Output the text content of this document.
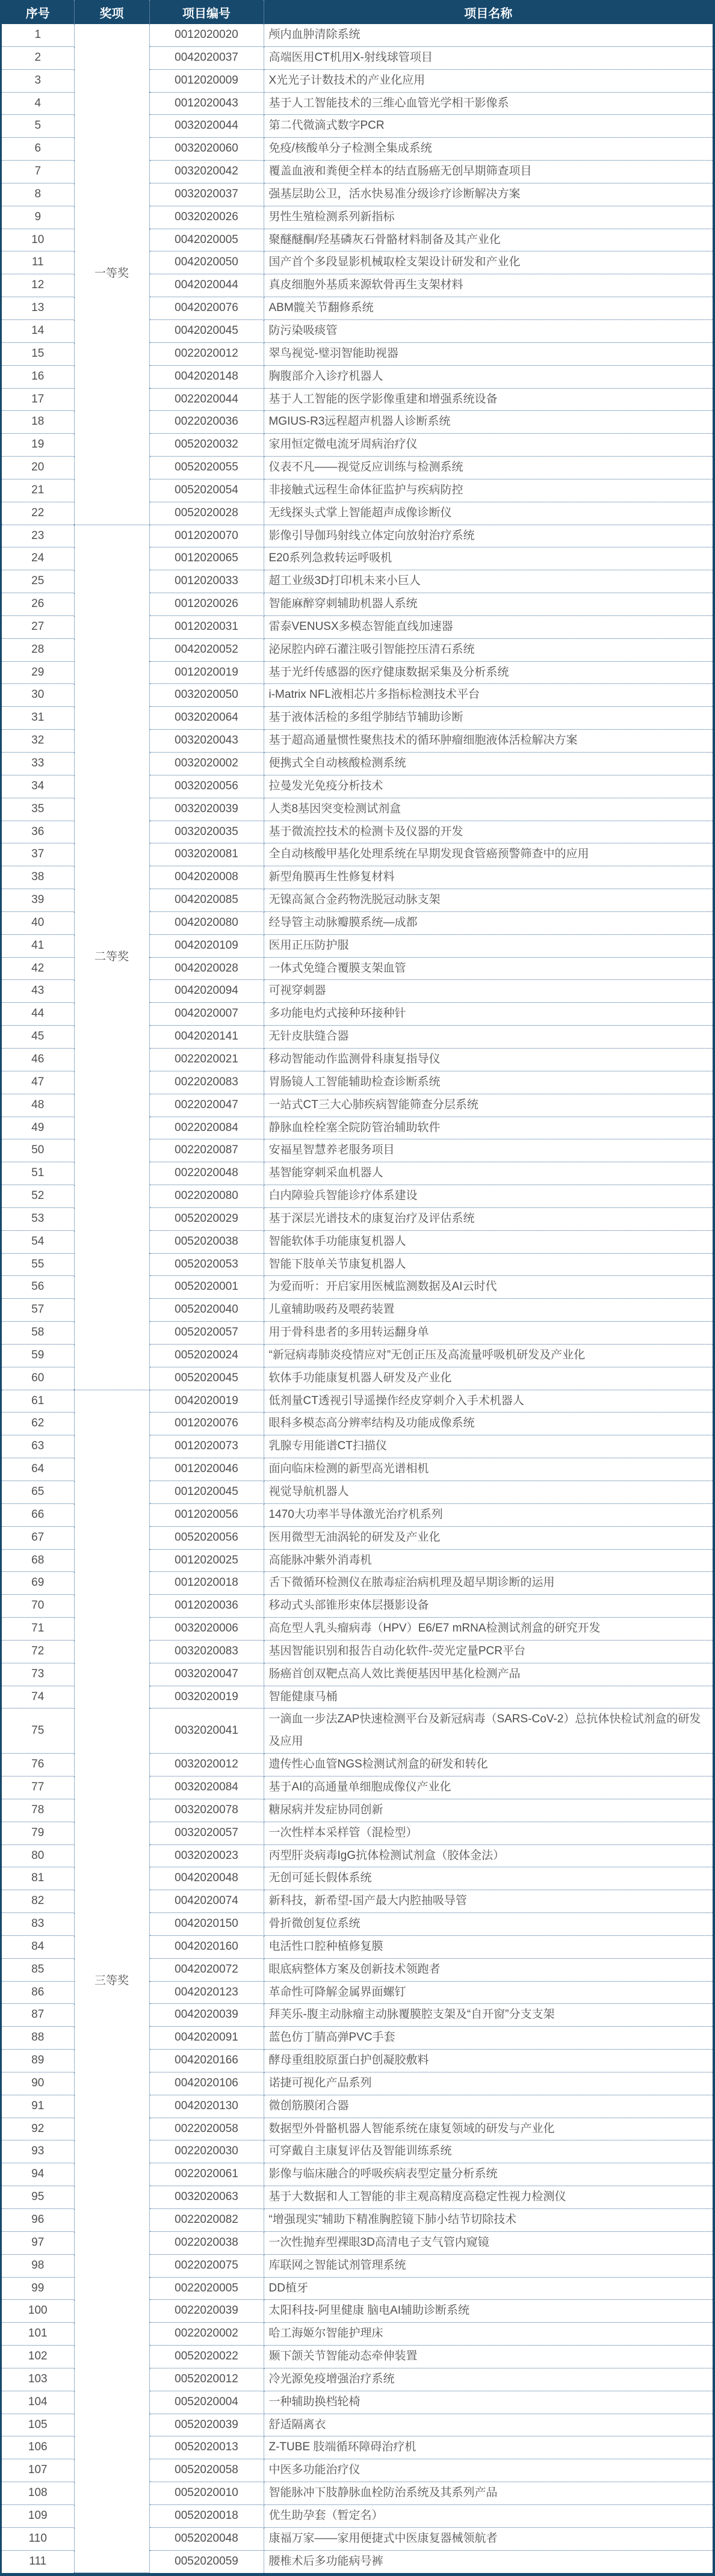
序号	奖项	项目编号	项目名称
1	一等奖	0012020020	颅内血肿清除系统
2		0042020037	高端医用CT机用X-射线球管项目
3		0012020009	X光光子计数技术的产业化应用
4		0012020043	基于人工智能技术的三维心血管光学相干影像系
5		0032020044	第二代微滴式数字PCR
6		0032020060	免疫/核酸单分子检测全集成系统
7		0032020042	覆盖血液和粪便全样本的结直肠癌无创早期筛查项目
8		0032020037	强基层助公卫，活水快易准分级诊疗诊断解决方案
9		0032020026	男性生殖检测系列新指标
10		0042020005	聚醚醚酮/羟基磷灰石骨骼材料制备及其产业化
11		0042020050	国产首个多段显影机械取栓支架设计研发和产业化
12		0042020044	真皮细胞外基质来源软骨再生支架材料
13		0042020076	ABM髋关节翻修系统
14		0042020045	防污染吸痰管
15		0022020012	翠鸟视觉-璧羽智能助视器
16		0042020148	胸腹部介入诊疗机器人
17		0022020044	基于人工智能的医学影像重建和增强系统设备
18		0022020036	MGIUS-R3远程超声机器人诊断系统
19		0052020032	家用恒定微电流牙周病治疗仪
20		0052020055	仪表不凡——视觉反应训练与检测系统
21		0052020054	非接触式远程生命体征监护与疾病防控
22		0052020028	无线探头式掌上智能超声成像诊断仪
23	二等奖	0012020070	影像引导伽玛射线立体定向放射治疗系统
24		0012020065	E20系列急救转运呼吸机
25		0012020033	超工业级3D打印机未来小巨人
26		0012020026	智能麻醉穿刺辅助机器人系统
27		0012020031	雷泰VENUSX多模态智能直线加速器
28		0042020052	泌尿腔内碎石灌注吸引智能控压清石系统
29		0012020019	基于光纤传感器的医疗健康数据采集及分析系统
30		0032020050	i-Matrix NFL液相芯片多指标检测技术平台
31		0032020064	基于液体活检的多组学肺结节辅助诊断
32		0032020043	基于超高通量惯性聚焦技术的循环肿瘤细胞液体活检解决方案
33		0032020002	便携式全自动核酸检测系统
34		0032020056	拉曼发光免疫分析技术
35		0032020039	人类8基因突变检测试剂盒
36		0032020035	基于微流控技术的检测卡及仪器的开发
37		0032020081	全自动核酸甲基化处理系统在早期发现食管癌预警筛查中的应用
38		0042020008	新型角膜再生性修复材料
39		0042020085	无镍高氮合金药物洗脱冠动脉支架
40		0042020080	经导管主动脉瓣膜系统—成都
41		0042020109	医用正压防护服
42		0042020028	一体式免缝合覆膜支架血管
43		0042020094	可视穿刺器
44		0042020007	多功能电灼式接种环接种针
45		0042020141	无针皮肤缝合器
46		0022020021	移动智能动作监测骨科康复指导仪
47		0022020083	胃肠镜人工智能辅助检查诊断系统
48		0022020047	一站式CT三大心肺疾病智能筛查分层系统
49		0022020084	静脉血栓栓塞全院防管治辅助软件
50		0022020087	安福星智慧养老服务项目
51		0022020048	基智能穿刺采血机器人
52		0022020080	白内障验兵智能诊疗体系建设
53		0052020029	基于深层光谱技术的康复治疗及评估系统
54		0052020038	智能软体手功能康复机器人
55		0052020053	智能下肢单关节康复机器人
56		0052020001	为爱而听：开启家用医械监测数据及AI云时代
57		0052020040	儿童辅助吸药及喂药装置
58		0052020057	用于骨科患者的多用转运翻身单
59		0052020024	“新冠病毒肺炎疫情应对”无创正压及高流量呼吸机研发及产业化
60		0052020045	软体手功能康复机器人研发及产业化
61	三等奖	0042020019	低剂量CT透视引导遥操作经皮穿刺介入手术机器人
62		0012020076	眼科多模态高分辨率结构及功能成像系统
63		0012020073	乳腺专用能谱CT扫描仪
64		0012020046	面向临床检测的新型高光谱相机
65		0012020045	视觉导航机器人
66		0012020056	1470大功率半导体激光治疗机系列
67		0052020056	医用微型无油涡轮的研发及产业化
68		0012020025	高能脉冲紫外消毒机
69		0012020018	舌下微循环检测仪在脓毒症治病机理及超早期诊断的运用
70		0012020036	移动式头部锥形束体层摄影设备
71		0032020006	高危型人乳头瘤病毒（HPV）E6/E7 mRNA检测试剂盒的研究开发
72		0032020083	基因智能识别和报告自动化软件-荧光定量PCR平台
73		0032020047	肠癌首创双靶点高人效比粪便基因甲基化检测产品
74		0032020019	智能健康马桶
75		0032020041	一滴血一步法ZAP快速检测平台及新冠病毒（SARS-CoV-2）总抗体快检试剂盒的研发及应用
76		0032020012	遗传性心血管NGS检测试剂盒的研发和转化
77		0032020084	基于AI的高通量单细胞成像仪产业化
78		0032020078	糖尿病并发症协同创新
79		0032020057	一次性样本采样管（混检型）
80		0032020023	丙型肝炎病毒IgG抗体检测试剂盒（胶体金法）
81		0042020048	无创可延长假体系统
82		0042020074	新科技，新希望-国产最大内腔抽吸导管
83		0042020150	骨折微创复位系统
84		0042020160	电活性口腔种植修复膜
85		0042020072	眼底病整体方案及创新技术领跑者
86		0042020123	革命性可降解金属界面螺钉
87		0042020039	拜芙乐-腹主动脉瘤主动脉覆膜腔支架及“自开窗”分支支架
88		0042020091	蓝色仿丁腈高弹PVC手套
89		0042020166	酵母重组胶原蛋白护创凝胶敷料
90		0042020106	诺捷可视化产品系列
91		0042020130	微创筋膜闭合器
92		0022020058	数据型外骨骼机器人智能系统在康复领域的研发与产业化
93		0022020030	可穿戴自主康复评估及智能训练系统
94		0022020061	影像与临床融合的呼吸疾病表型定量分析系统
95		0032020063	基于大数据和人工智能的非主观高精度高稳定性视力检测仪
96		0022020082	“增强现实”辅助下精准胸腔镜下肺小结节切除技术
97		0022020038	一次性抛弃型裸眼3D高清电子支气管内窥镜
98		0022020075	库联网之智能试剂管理系统
99		0022020005	DD植牙
100		0022020039	太阳科技-阿里健康 脑电AI辅助诊断系统
101		0022020002	哈工海姬尔智能护理床
102		0052020022	颞下颌关节智能动态牵伸装置
103		0052020012	冷光源免疫增强治疗系统
104		0052020004	一种辅助换档轮椅
105		0052020039	舒适隔离衣
106		0052020013	Z-TUBE 肢端循环障碍治疗机
107		0052020058	中医多功能治疗仪
108		0052020010	智能脉冲下肢静脉血栓防治系统及其系列产品
109		0052020018	优生助孕套（暂定名）
110		0052020048	康福万家——家用便捷式中医康复器械领航者
111		0052020059	腰椎术后多功能病号裤
